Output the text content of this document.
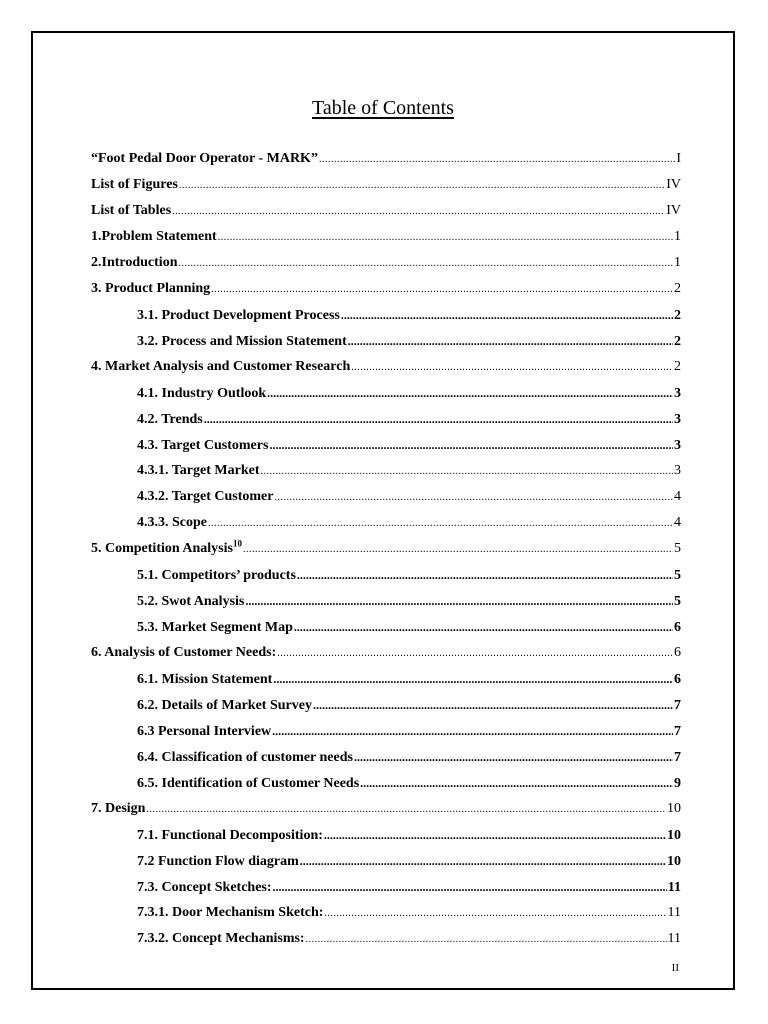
Table of Contents
“Foot Pedal Door Operator - MARK” .....	I
List of Figures .....	IV
List of Tables .....	IV
1.Problem Statement .....	1
2.Introduction .....	1
3. Product Planning .....	2
3.1. Product Development Process .....	2
3.2. Process and Mission Statement .....	2
4. Market Analysis and Customer Research .....	2
4.1. Industry Outlook .....	3
4.2. Trends .....	3
4.3. Target Customers .....	3
4.3.1. Target Market .....	3
4.3.2. Target Customer .....	4
4.3.3. Scope .....	4
5. Competition Analysis$^{10}$ .....	5
5.1. Competitors’ products .....	5
5.2. Swot Analysis .....	5
5.3. Market Segment Map .....	6
6. Analysis of Customer Needs: .....	6
6.1. Mission Statement .....	6
6.2. Details of Market Survey .....	7
6.3 Personal Interview .....	7
6.4. Classification of customer needs .....	7
6.5. Identification of Customer Needs .....	9
7. Design .....	10
7.1. Functional Decomposition: .....	10
7.2 Function Flow diagram .....	10
7.3. Concept Sketches: .....	11
7.3.1. Door Mechanism Sketch: .....	11
7.3.2. Concept Mechanisms: .....	11
II
